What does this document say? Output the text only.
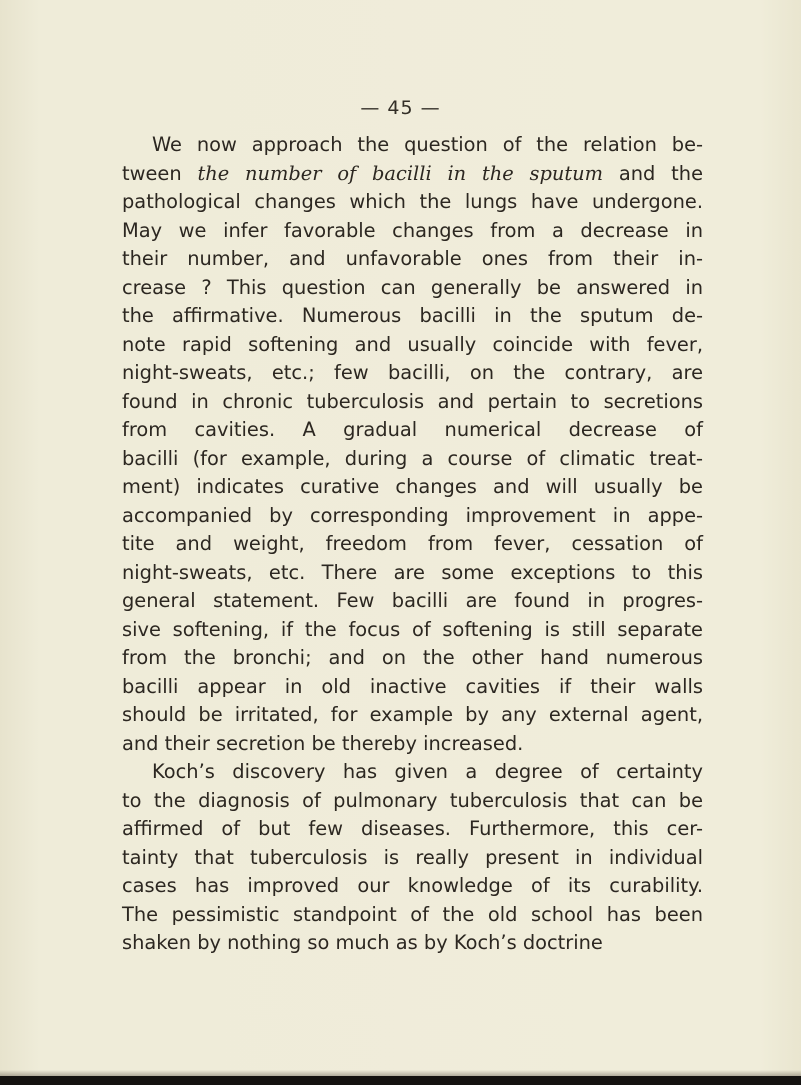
— 45 —
We now approach the question of the relation be-
tween the number of bacilli in the sputum and the
pathological changes which the lungs have undergone.
May we infer favorable changes from a decrease in
their number, and unfavorable ones from their in-
crease ? This question can generally be answered in
the affirmative. Numerous bacilli in the sputum de-
note rapid softening and usually coincide with fever,
night-sweats, etc.; few bacilli, on the contrary, are
found in chronic tuberculosis and pertain to secretions
from cavities. A gradual numerical decrease of
bacilli (for example, during a course of climatic treat-
ment) indicates curative changes and will usually be
accompanied by corresponding improvement in appe-
tite and weight, freedom from fever, cessation of
night-sweats, etc. There are some exceptions to this
general statement. Few bacilli are found in progres-
sive softening, if the focus of softening is still separate
from the bronchi; and on the other hand numerous
bacilli appear in old inactive cavities if their walls
should be irritated, for example by any external agent,
and their secretion be thereby increased.
Koch’s discovery has given a degree of certainty
to the diagnosis of pulmonary tuberculosis that can be
affirmed of but few diseases. Furthermore, this cer-
tainty that tuberculosis is really present in individual
cases has improved our knowledge of its curability.
The pessimistic standpoint of the old school has been
shaken by nothing so much as by Koch’s doctrine
